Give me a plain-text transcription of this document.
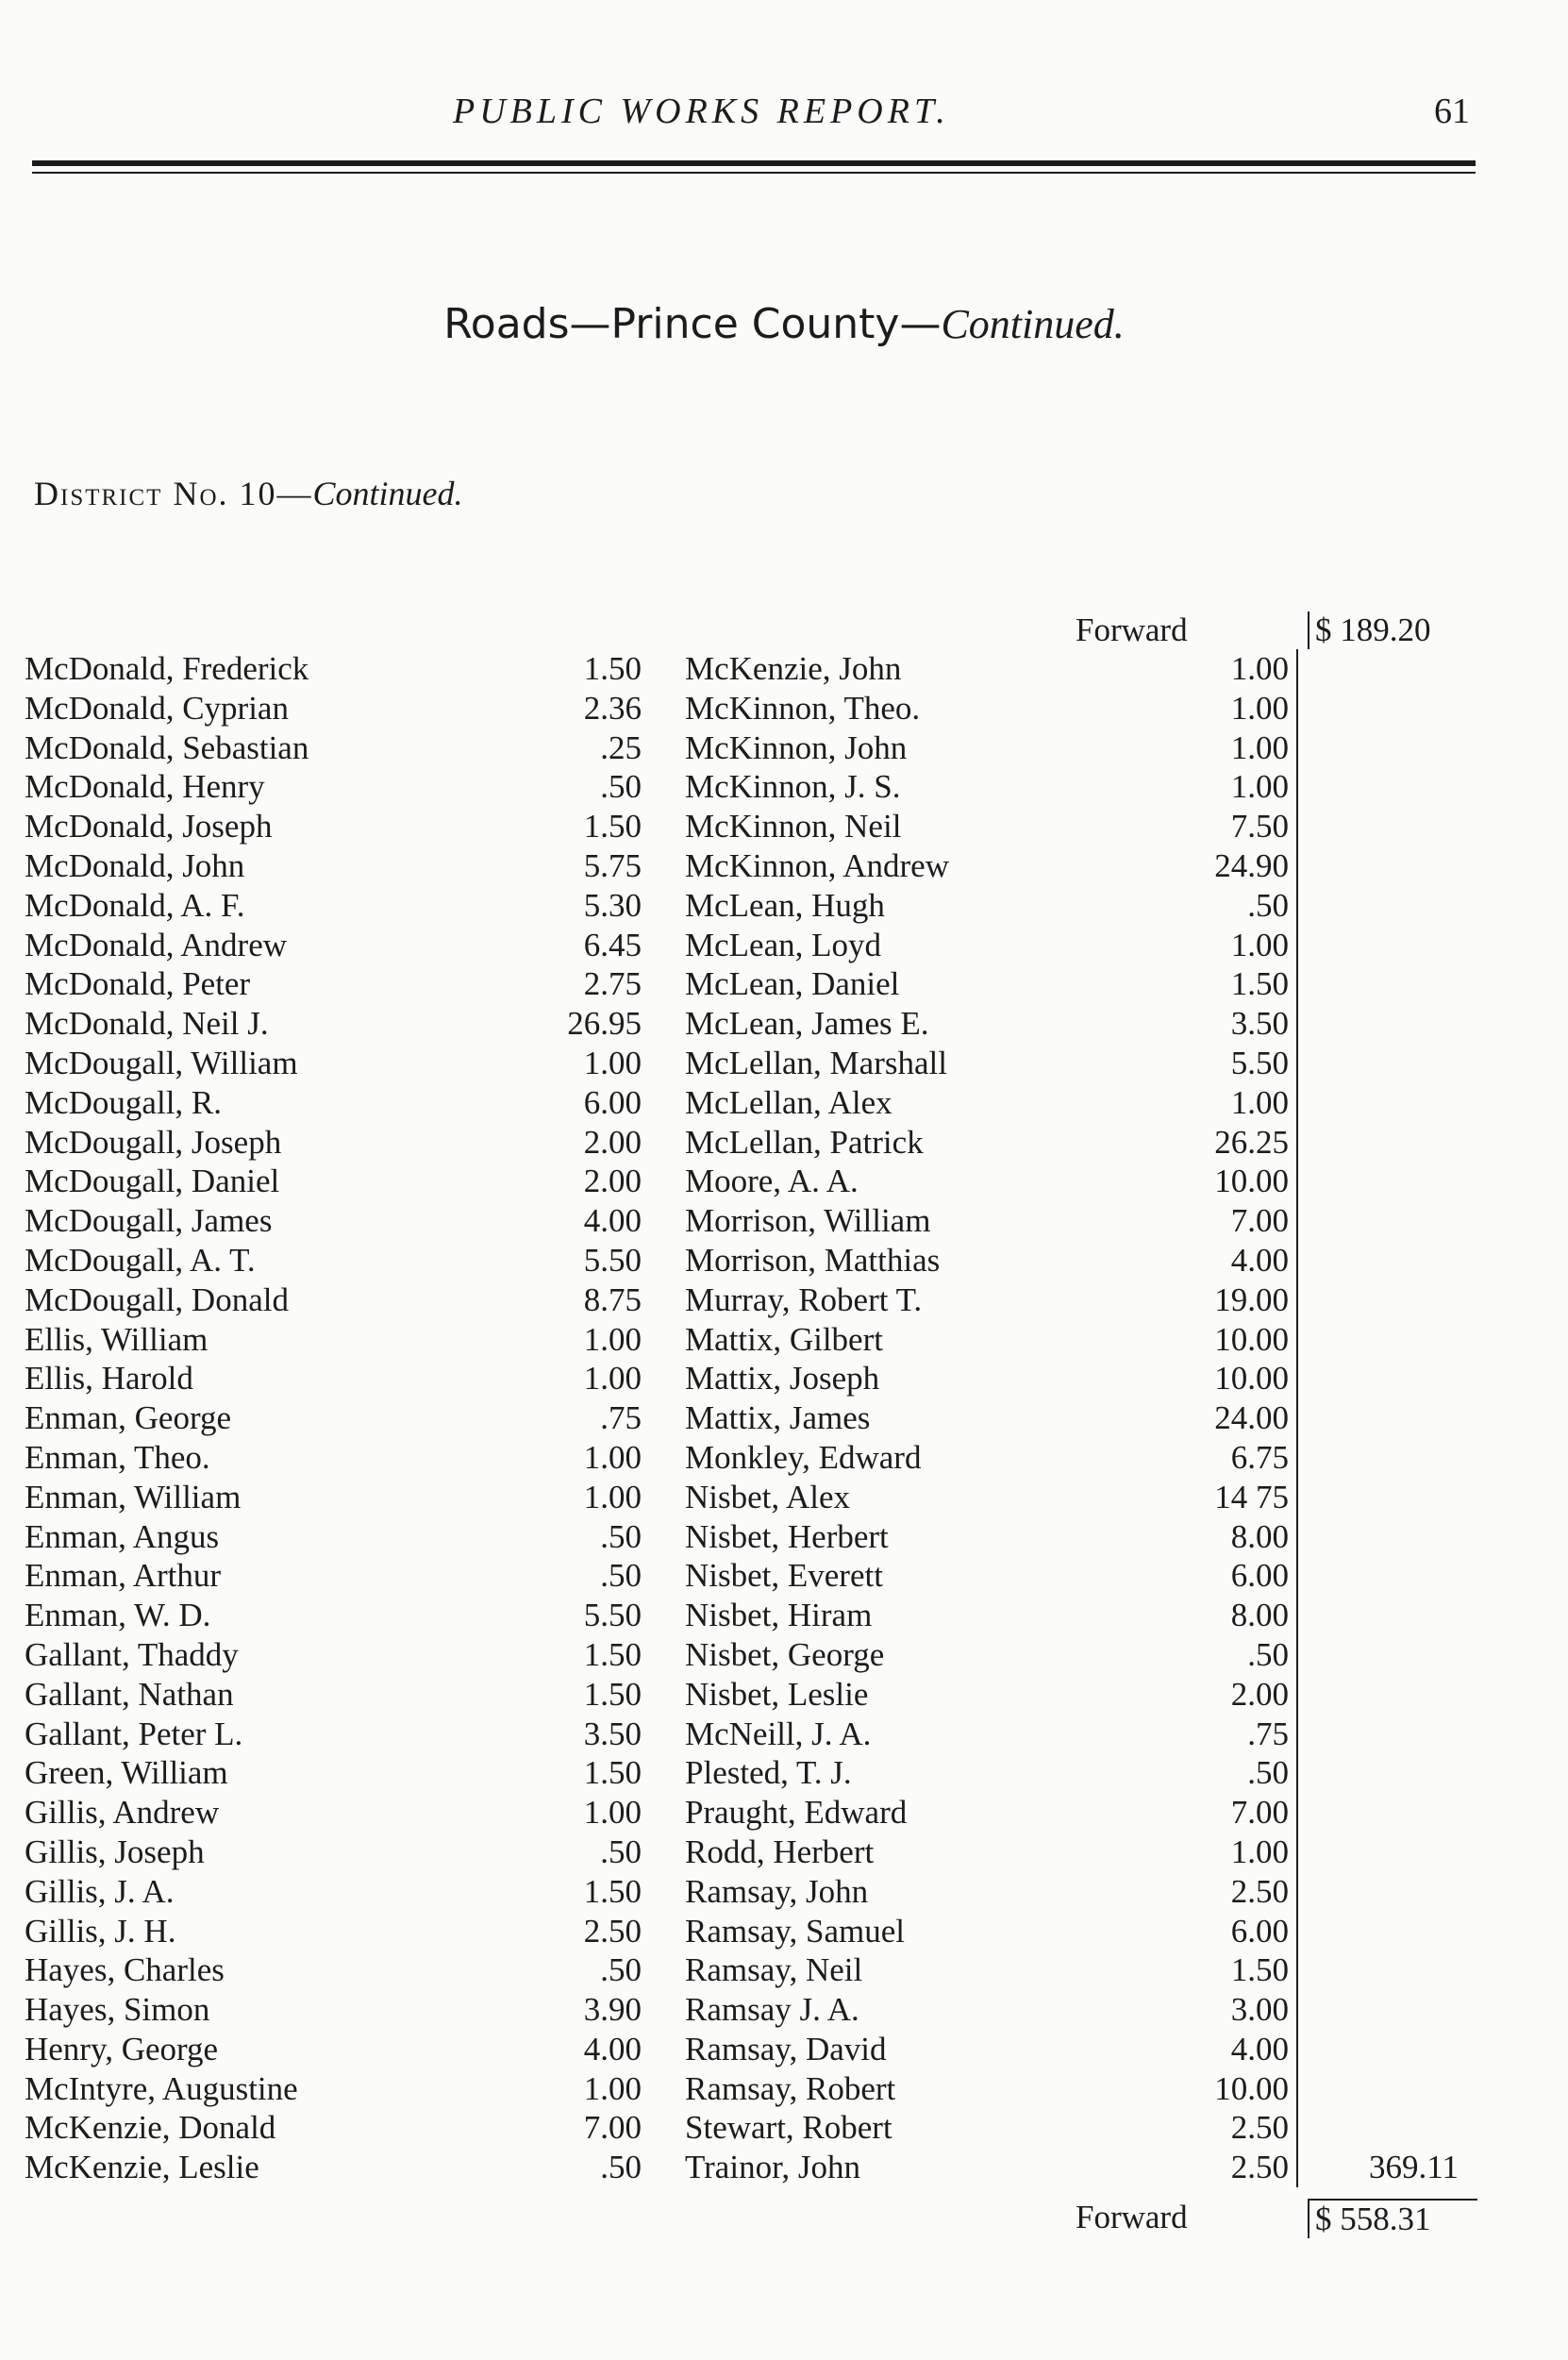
PUBLIC WORKS REPORT.	61
Roads—Prince County—Continued.
District No. 10—Continued.
Forward	$ 189.20
McDonald, Frederick	1.50 McKenzie, John	1.00
McDonald, Cyprian	2.36 McKinnon, Theo.	1.00
McDonald, Sebastian	.25 McKinnon, John	1.00
McDonald, Henry	.50 McKinnon, J. S.	1.00
McDonald, Joseph	1.50 McKinnon, Neil	7.50
McDonald, John	5.75 McKinnon, Andrew	24.90
McDonald, A. F.	5.30 McLean, Hugh	.50
McDonald, Andrew	6.45 McLean, Loyd	1.00
McDonald, Peter	2.75 McLean, Daniel	1.50
McDonald, Neil J.	26.95 McLean, James E.	3.50
McDougall, William	1.00 McLellan, Marshall	5.50
McDougall, R.	6.00 McLellan, Alex	1.00
McDougall, Joseph	2.00 McLellan, Patrick	26.25
McDougall, Daniel	2.00 Moore, A. A.	10.00
McDougall, James	4.00 Morrison, William	7.00
McDougall, A. T.	5.50 Morrison, Matthias	4.00
McDougall, Donald	8.75 Murray, Robert T.	19.00
Ellis, William	1.00 Mattix, Gilbert	10.00
Ellis, Harold	1.00 Mattix, Joseph	10.00
Enman, George	.75 Mattix, James	24.00
Enman, Theo.	1.00 Monkley, Edward	6.75
Enman, William	1.00 Nisbet, Alex	14 75
Enman, Angus	.50 Nisbet, Herbert	8.00
Enman, Arthur	.50 Nisbet, Everett	6.00
Enman, W. D.	5.50 Nisbet, Hiram	8.00
Gallant, Thaddy	1.50 Nisbet, George	.50
Gallant, Nathan	1.50 Nisbet, Leslie	2.00
Gallant, Peter L.	3.50 McNeill, J. A.	.75
Green, William	1.50 Plested, T. J.	.50
Gillis, Andrew	1.00 Praught, Edward	7.00
Gillis, Joseph	.50 Rodd, Herbert	1.00
Gillis, J. A.	1.50 Ramsay, John	2.50
Gillis, J. H.	2.50 Ramsay, Samuel	6.00
Hayes, Charles	.50 Ramsay, Neil	1.50
Hayes, Simon	3.90 Ramsay J. A.	3.00
Henry, George	4.00 Ramsay, David	4.00
McIntyre, Augustine	1.00 Ramsay, Robert	10.00
McKenzie, Donald	7.00 Stewart, Robert	2.50
McKenzie, Leslie	.50 Trainor, John	2.50	369.11
Forward	$ 558.31
